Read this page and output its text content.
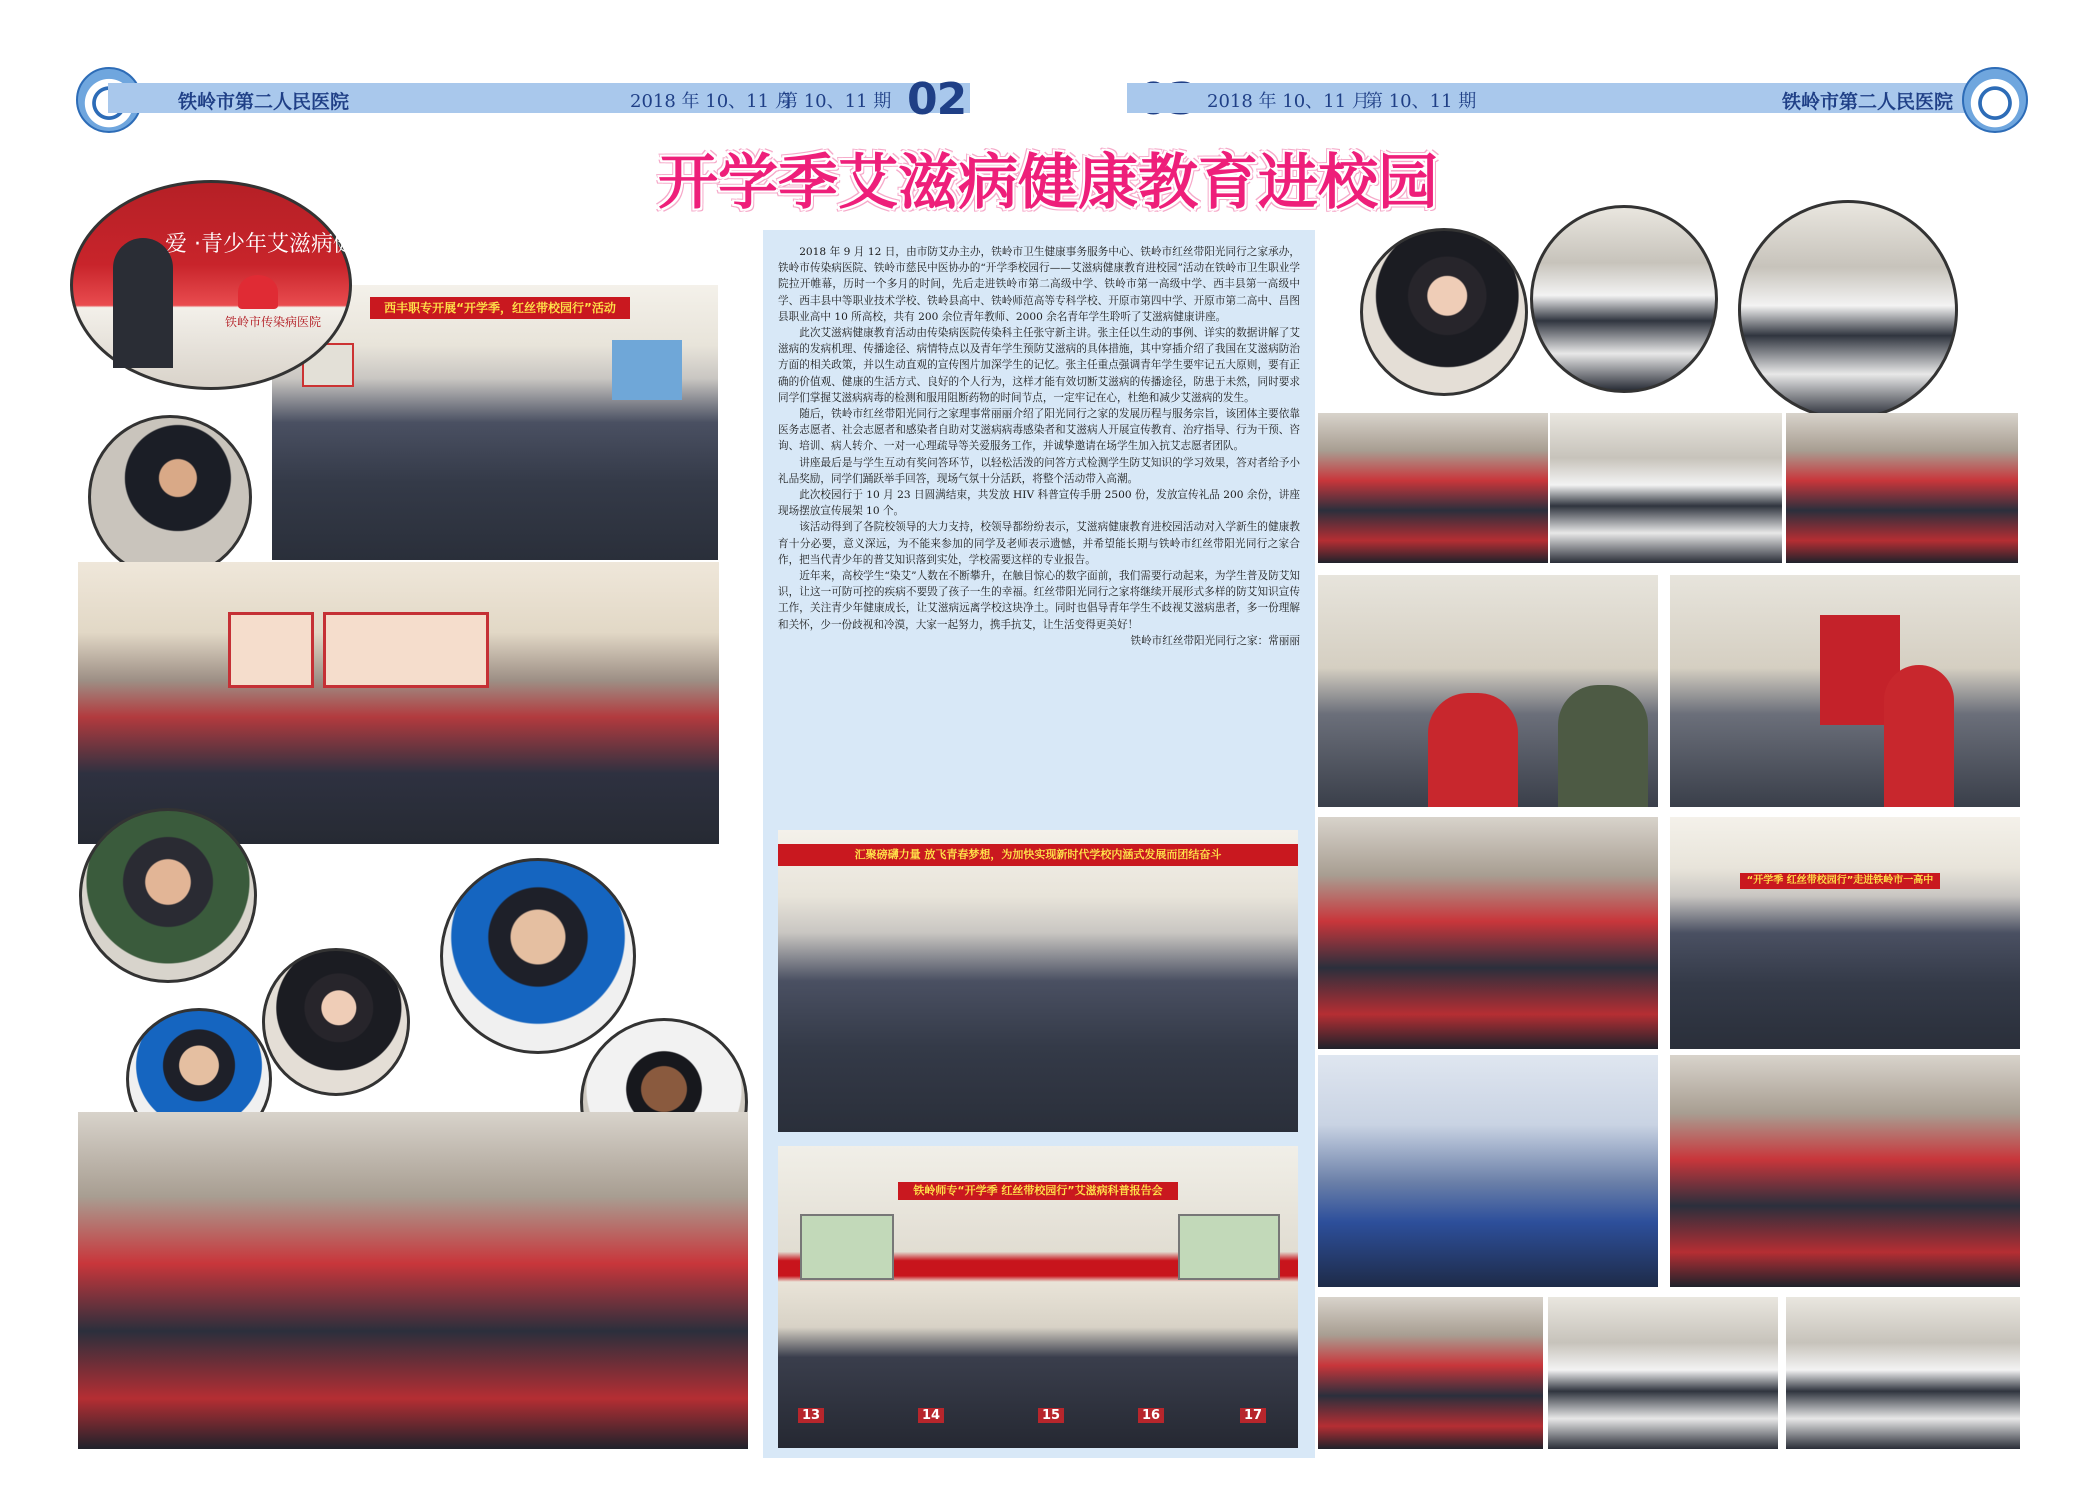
铁岭市第二人民医院	2018 年 10、11 月
第 10、11 期 02	2018 年 10、11 月
第 10、11 期	铁岭市第二人民医院
开学季艾滋病健康教育进校园
西丰职专开展“开学季，红丝带校园行”活动
爱 ·青少年艾滋病健康教育
铁岭市传染病医院

2018 年 9 月 12 日，由市防艾办主办，铁岭市卫生健康事务服务中心、铁岭市红丝带阳光同行之家承办，铁岭市传染病医院、铁岭市慈民中医协办的“开学季校园行——艾滋病健康教育进校园”活动在铁岭市卫生职业学院拉开帷幕，历时一个多月的时间，先后走进铁岭市第二高级中学、铁岭市第一高级中学、西丰县第一高级中学、西丰县中等职业技术学校、铁岭县高中、铁岭师范高等专科学校、开原市第四中学、开原市第二高中、昌图县职业高中 10 所高校，共有 200 余位青年教师、2000 余名青年学生聆听了艾滋病健康讲座。

此次艾滋病健康教育活动由传染病医院传染科主任张守新主讲。张主任以生动的事例、详实的数据讲解了艾滋病的发病机理、传播途径、病情特点以及青年学生预防艾滋病的具体措施，其中穿插介绍了我国在艾滋病防治方面的相关政策，并以生动直观的宣传图片加深学生的记忆。张主任重点强调青年学生要牢记五大原则，要有正确的价值观、健康的生活方式、良好的个人行为，这样才能有效切断艾滋病的传播途径，防患于未然，同时要求同学们掌握艾滋病病毒的检测和服用阻断药物的时间节点，一定牢记在心，杜绝和减少艾滋病的发生。

随后，铁岭市红丝带阳光同行之家理事常丽丽介绍了阳光同行之家的发展历程与服务宗旨，该团体主要依靠医务志愿者、社会志愿者和感染者自助对艾滋病病毒感染者和艾滋病人开展宣传教育、治疗指导、行为干预、咨询、培训、病人转介、一对一心理疏导等关爱服务工作，并诚挚邀请在场学生加入抗艾志愿者团队。

讲座最后是与学生互动有奖问答环节，以轻松活泼的问答方式检测学生防艾知识的学习效果，答对者给予小礼品奖励，同学们踊跃举手回答，现场气氛十分活跃，将整个活动带入高潮。

此次校园行于 10 月 23 日圆满结束，共发放 HIV 科普宣传手册 2500 份，发放宣传礼品 200 余份，讲座现场摆放宣传展架 10 个。

该活动得到了各院校领导的大力支持，校领导都纷纷表示，艾滋病健康教育进校园活动对入学新生的健康教育十分必要，意义深远，为不能来参加的同学及老师表示遗憾，并希望能长期与铁岭市红丝带阳光同行之家合作，把当代青少年的普艾知识落到实处，学校需要这样的专业报告。

近年来，高校学生“染艾”人数在不断攀升，在触目惊心的数字面前，我们需要行动起来，为学生普及防艾知识，让这一可防可控的疾病不要毁了孩子一生的幸福。红丝带阳光同行之家将继续开展形式多样的防艾知识宣传工作，关注青少年健康成长，让艾滋病远离学校这块净土。同时也倡导青年学生不歧视艾滋病患者，多一份理解和关怀，少一份歧视和冷漠，大家一起努力，携手抗艾，让生活变得更美好！

铁岭市红丝带阳光同行之家：常丽丽

汇聚磅礴力量 放飞青春梦想，为加快实现新时代学校内涵式发展而团结奋斗
铁岭师专“开学季 红丝带校园行”艾滋病科普报告会
13	14	15	16	17
“开学季 红丝带校园行”走进铁岭市一高中
